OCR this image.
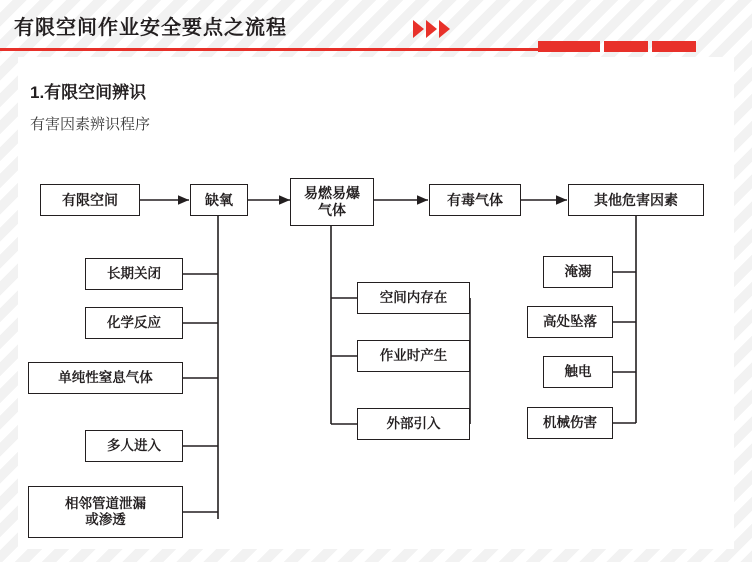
有限空间作业安全要点之流程
1.有限空间辨识
有害因素辨识程序
有限空间	缺氧	易燃易爆
气体
有毒气体	其他危害因素
长期关闭
化学反应
单纯性窒息气体
多人进入
相邻管道泄漏
或渗透
空间内存在
作业时产生
外部引入
淹溺
高处坠落
触电
机械伤害
